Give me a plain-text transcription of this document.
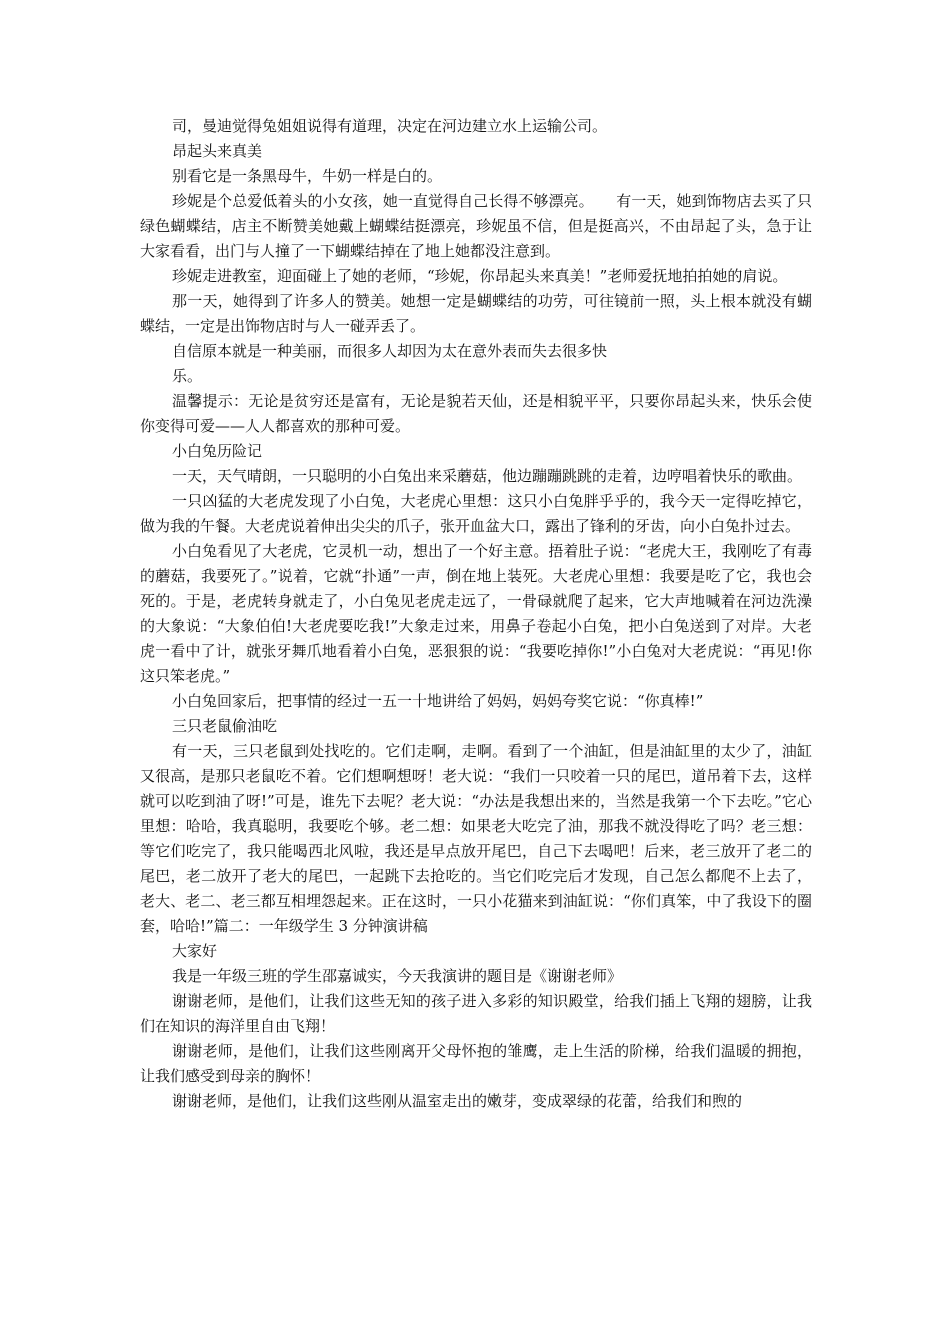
司，曼迪觉得兔姐姐说得有道理，决定在河边建立水上运输公司。

昂起头来真美

别看它是一条黑母牛，牛奶一样是白的。

珍妮是个总爱低着头的小女孩，她一直觉得自己长得不够漂亮。　　有一天，她到饰物店去买了只绿色蝴蝶结，店主不断赞美她戴上蝴蝶结挺漂亮，珍妮虽不信，但是挺高兴，不由昂起了头，急于让大家看看，出门与人撞了一下蝴蝶结掉在了地上她都没注意到。

珍妮走进教室，迎面碰上了她的老师，“珍妮，你昂起头来真美！”老师爱抚地拍拍她的肩说。

那一天，她得到了许多人的赞美。她想一定是蝴蝶结的功劳，可往镜前一照，头上根本就没有蝴蝶结，一定是出饰物店时与人一碰弄丢了。

自信原本就是一种美丽，而很多人却因为太在意外表而失去很多快

乐。

温馨提示：无论是贫穷还是富有，无论是貌若天仙，还是相貌平平，只要你昂起头来，快乐会使你变得可爱——人人都喜欢的那种可爱。

小白兔历险记

一天，天气晴朗，一只聪明的小白兔出来采蘑菇，他边蹦蹦跳跳的走着，边哼唱着快乐的歌曲。

一只凶猛的大老虎发现了小白兔，大老虎心里想：这只小白兔胖乎乎的，我今天一定得吃掉它，做为我的午餐。大老虎说着伸出尖尖的爪子，张开血盆大口，露出了锋利的牙齿，向小白兔扑过去。

小白兔看见了大老虎，它灵机一动，想出了一个好主意。捂着肚子说：“老虎大王，我刚吃了有毒的蘑菇，我要死了。”说着，它就“扑通”一声，倒在地上装死。大老虎心里想：我要是吃了它，我也会死的。于是，老虎转身就走了，小白兔见老虎走远了，一骨碌就爬了起来，它大声地喊着在河边洗澡的大象说：“大象伯伯!大老虎要吃我!”大象走过来，用鼻子卷起小白兔，把小白兔送到了对岸。大老虎一看中了计，就张牙舞爪地看着小白兔，恶狠狠的说：“我要吃掉你!”小白兔对大老虎说：“再见!你这只笨老虎。”

小白兔回家后，把事情的经过一五一十地讲给了妈妈，妈妈夸奖它说：“你真棒!”

三只老鼠偷油吃

有一天，三只老鼠到处找吃的。它们走啊，走啊。看到了一个油缸，但是油缸里的太少了，油缸又很高，是那只老鼠吃不着。它们想啊想呀！老大说：“我们一只咬着一只的尾巴，道吊着下去，这样就可以吃到油了呀!”可是，谁先下去呢？老大说：“办法是我想出来的，当然是我第一个下去吃。”它心里想：哈哈，我真聪明，我要吃个够。老二想：如果老大吃完了油，那我不就没得吃了吗？老三想：等它们吃完了，我只能喝西北风啦，我还是早点放开尾巴，自己下去喝吧！后来，老三放开了老二的尾巴，老二放开了老大的尾巴，一起跳下去抢吃的。当它们吃完后才发现，自己怎么都爬不上去了，老大、老二、老三都互相埋怨起来。正在这时，一只小花猫来到油缸说：“你们真笨，中了我设下的圈套，哈哈!”篇二：一年级学生 3 分钟演讲稿

大家好

我是一年级三班的学生邵嘉诚实，今天我演讲的题目是《谢谢老师》

谢谢老师，是他们，让我们这些无知的孩子进入多彩的知识殿堂，给我们插上飞翔的翅膀，让我们在知识的海洋里自由飞翔！

谢谢老师，是他们，让我们这些刚离开父母怀抱的雏鹰，走上生活的阶梯，给我们温暖的拥抱，让我们感受到母亲的胸怀！

谢谢老师，是他们，让我们这些刚从温室走出的嫩芽，变成翠绿的花蕾，给我们和煦的
